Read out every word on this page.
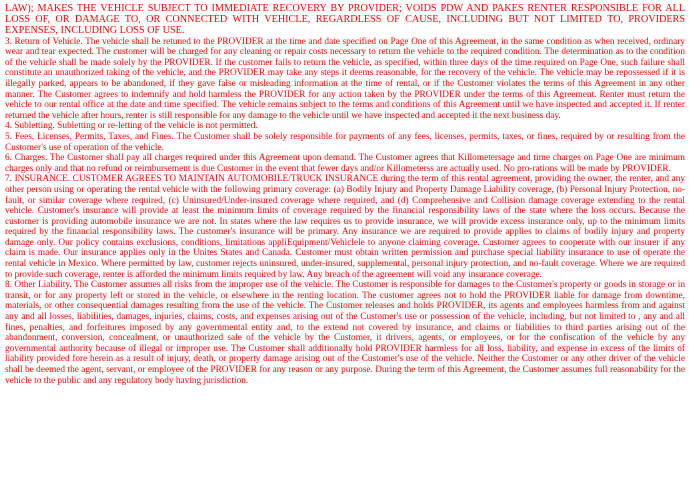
LAW); MAKES THE VEHICLE SUBJECT TO IMMEDIATE RECOVERY BY PROVIDER; VOIDS PDW AND PAKES RENTER RESPONSIBLE FOR ALL LOSS OF, OR DAMAGE TO, OR CONNECTED WITH VEHICLE, REGARDLESS OF CAUSE, INCLUDING BUT NOT LIMITED TO, PROVIDERS EXPENSES, INCLUDING LOSS OF USE.

3. Return of Vehicle. The vehicle shall be retuned to the PROVIDER at the time and date specified on Page One of this Agreement, in the same condition as when received, ordinary wear and tear expected. The customer will be charged for any cleaning or repair costs necessary to return the vehicle to the required condition. The determination as to the condition of the vehicle shall be made solely by the PROVIDER. If the customer fails to return the vehicle, as specified, within three days of the time required on Page One, such failure shall constitute an unauthorized taking of the vehicle, and the PROVIDER may take any steps it deems reasonable, for the recovery of the vehicle. The vehicle may be repossessed if it is illegally parked, appears to be abandoned, if they gave false or misleading information at the time of rental, or if the Customer violates the terms of this Agreement in any other manner. The Customer agrees to indemnify and hold harmless the PROVIDER for any action taken by the PROVIDER under the terms of this Agreement. Renter must return the vehicle to our rental office at the date and time specified. The vehicle remains subject to the terms and conditions of this Agreement until we have inspected and accepted it. If renter returned the vehicle after hours, renter is still responsible for any damage to the vehicle until we have inspected and accepted it the next business day.

4. Subletting. Subletting or re-letting of the vehicle is not permitted.

5. Fees, Licenses, Permits, Taxes, and Fines. The Customer shall be solely responsible for payments of any fees, licenses, permits, taxes, or fines, required by or resulting from the Customer's use of operation of the vehicle.

6. Charges. The Customer shall pay all charges required under this Agreement upon demand. The Customer agrees that Killometersage and time charges on Page One are minimum charges only and that no refund or reimbursement is due Customer in the event that fewer days and/or Killometerss are actually used. No pro-rations will be made by PROVIDER.

7. INSURANCE. CUSTOMER AGREES TO MAINTAIN AUTOMOBILE/TRUCK INSURANCE during the term of this rental agreement, providing the owner, the renter, and any other person using or operating the rental vehicle with the following primary coverage: (a) Bodily Injury and Property Damage Liability coverage, (b) Personal Injury Protection, no-fault, or similar coverage where required, (c) Uninsured/Under-insured coverage where required, and (d) Comprehensive and Collision damage coverage extending to the rental vehicle. Customer's insurance will provide at least the minimum limits of coverage required by the financial responsibility laws of the state where the loss occurs. Because the customer is providing automobile insurance we are not. In states where the law requires us to provide insurance, we will provide excess insurance only, up to the minimum limits required by the financial responsibility laws. The customer's insurance will be primary. Any insurance we are required to provide applies to claims of bodily injury and property damage only. Our policy contains exclusions, conditions, limitations appliEquipment/Vehiclele to anyone claiming coverage. Customer agrees to cooperate with our insurer if any claim is made. Our insurance applies only in the Unites States and Canada. Customer must obtain written permission and purchase special liability insurance to use of operate the rental vehicle in Mexico. Where permitted by law, customer rejects uninsured, under-insured, supplemental, personal injury protection, and no-fault coverage. Where we are required to provide such coverage, renter is afforded the minimum limits required by law. Any breach of the agreement will void any insurance coverage.

8. Other Liability. The Customer assumes all risks from the improper use of the vehicle. The Customer is responsible for damages to the Customer's property or goods in storage or in transit, or for any property left or stored in the vehicle, or elsewhere in the renting location. The customer agrees not to hold the PROVIDER liable for damage from downtime, materials, or other consequential damages resulting from the use of the vehicle. The Customer releases and holds PROVIDER, its agents and employees harmless from and against any and all losses, liabilities, damages, injuries, claims, costs, and expenses arising out of the Customer's use or possession of the vehicle, including, but not limited to , any and all fines, penalties, and forfeitures imposed by any governmental entity and, to the extend not covered by insurance, and claims or liabilities to third parties arising out of the abandonment, conversion, concealment, or unauthorized sale of the vehicle by the Customer, it drivers, agents, or employees, or for the confiscation of the vehicle by any governmental authority because of illegal or improper use. The Customer shall additionally hold PROVIDER harmless for all loss, liability, and expense in excess of the limits of liability provided fore herein as a result of injury, death, or property damage arising out of the Customer's use of the vehicle. Neither the Customer or any other driver of the vehicle shall be deemed the agent, servant, or employee of the PROVIDER for any reason or any purpose. During the term of this Agreement, the Customer assumes full reasonability for the vehicle to the public and any regulatory body having jurisdiction.
